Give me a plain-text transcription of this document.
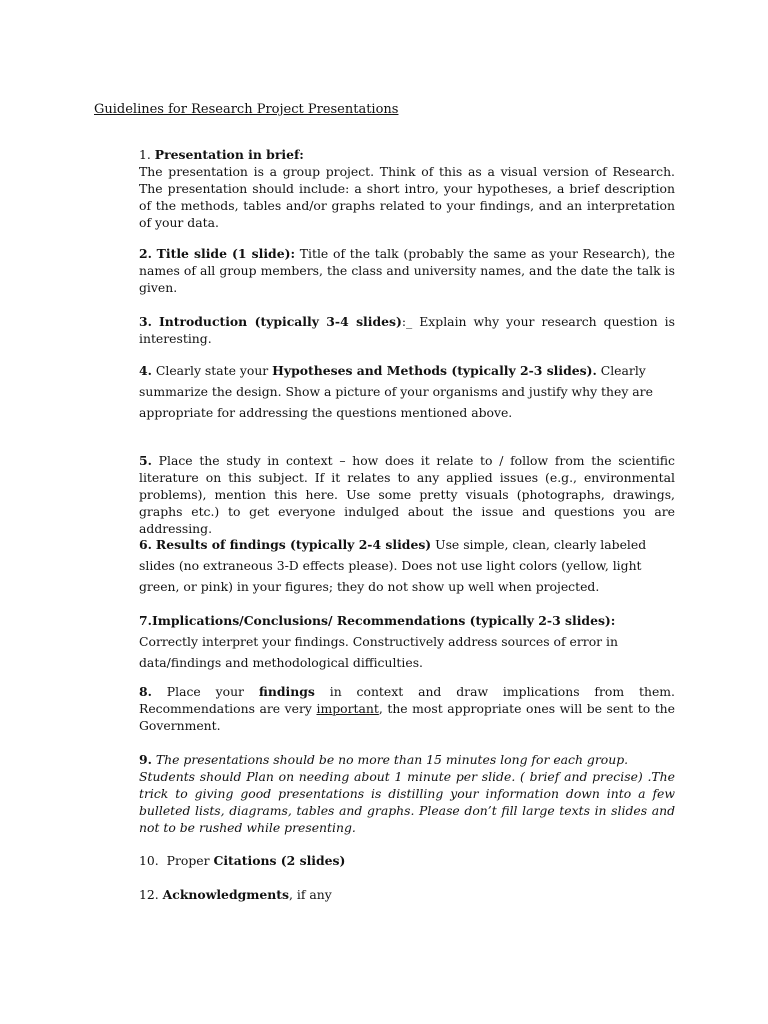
Guidelines for Research Project Presentations
1. Presentation in brief:
The presentation is a group project. Think of this as a visual version of Research. The presentation should include: a short intro, your hypotheses, a brief description of the methods, tables and/or graphs related to your findings, and an interpretation of your data.
2. Title slide (1 slide): Title of the talk (probably the same as your Research), the names of all group members, the class and university names, and the date the talk is given.
3. Introduction (typically 3-4 slides):_ Explain why your research question is interesting.
4. Clearly state your Hypotheses and Methods (typically 2-3 slides). Clearly summarize the design. Show a picture of your organisms and justify why they are appropriate for addressing the questions mentioned above.
5. Place the study in context – how does it relate to / follow from the scientific literature on this subject. If it relates to any applied issues (e.g., environmental problems), mention this here. Use some pretty visuals (photographs, drawings, graphs etc.) to get everyone indulged about the issue and questions you are addressing.
6. Results of findings (typically 2-4 slides) Use simple, clean, clearly labeled slides (no extraneous 3-D effects please). Does not use light colors (yellow, light green, or pink) in your figures; they do not show up well when projected.
7.Implications/Conclusions/ Recommendations (typically 2-3 slides): Correctly interpret your findings. Constructively address sources of error in data/findings and methodological difficulties.
8. Place your findings in context and draw implications from them. Recommendations are very important, the most appropriate ones will be sent to the Government.
9. The presentations should be no more than 15 minutes long for each group.
Students should Plan on needing about 1 minute per slide. ( brief and precise) .The trick to giving good presentations is distilling your information down into a few bulleted lists, diagrams, tables and graphs. Please don’t fill large texts in slides and not to be rushed while presenting.
10. Proper Citations (2 slides)
12. Acknowledgments, if any
